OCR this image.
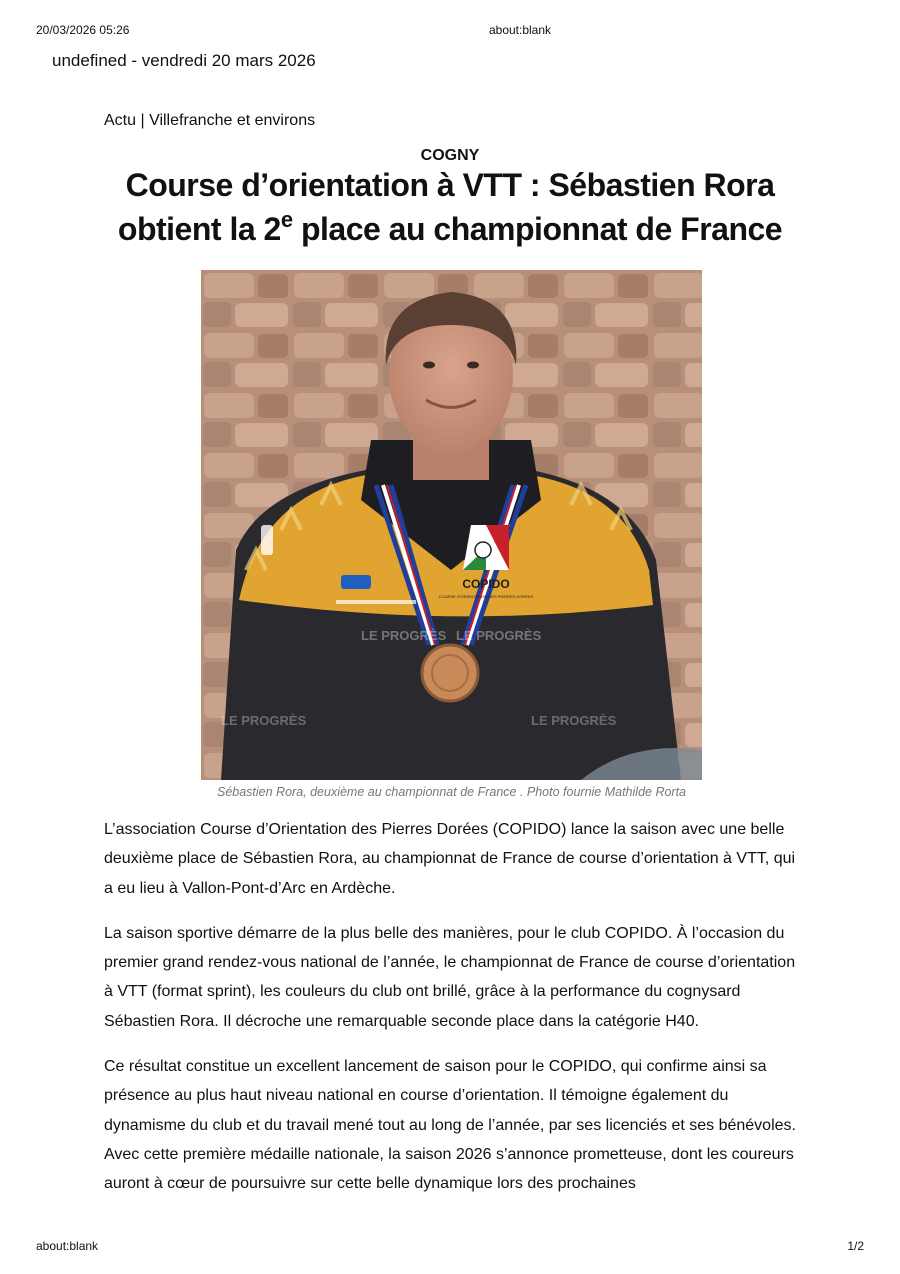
20/03/2026 05:26	about:blank
undefined - vendredi 20 mars 2026
Actu | Villefranche et environs
COGNY
Course d’orientation à VTT : Sébastien Rora obtient la 2e place au championnat de France
COPIDO
COURSE D'ORIENTATION DES PIERRES DORÉES
LE PROGRÈS LE PROGRÈS
LE PROGRÈS	LE PROGRÈS
Sébastien Rora, deuxième au championnat de France . Photo fournie Mathilde Rorta

L’association Course d’Orientation des Pierres Dorées (COPIDO) lance la saison avec une belle deuxième place de Sébastien Rora, au championnat de France de course d’orientation à VTT, qui a eu lieu à Vallon-Pont-d’Arc en Ardèche.

La saison sportive démarre de la plus belle des manières, pour le club COPIDO. À l’occasion du premier grand rendez-vous national de l’année, le championnat de France de course d’orientation à VTT (format sprint), les couleurs du club ont brillé, grâce à la performance du cognysard Sébastien Rora. Il décroche une remarquable seconde place dans la catégorie H40.

Ce résultat constitue un excellent lancement de saison pour le COPIDO, qui confirme ainsi sa présence au plus haut niveau national en course d’orientation. Il témoigne également du dynamisme du club et du travail mené tout au long de l’année, par ses licenciés et ses bénévoles. Avec cette première médaille nationale, la saison 2026 s’annonce prometteuse, dont les coureurs auront à cœur de poursuivre sur cette belle dynamique lors des prochaines

about:blank	1/2
